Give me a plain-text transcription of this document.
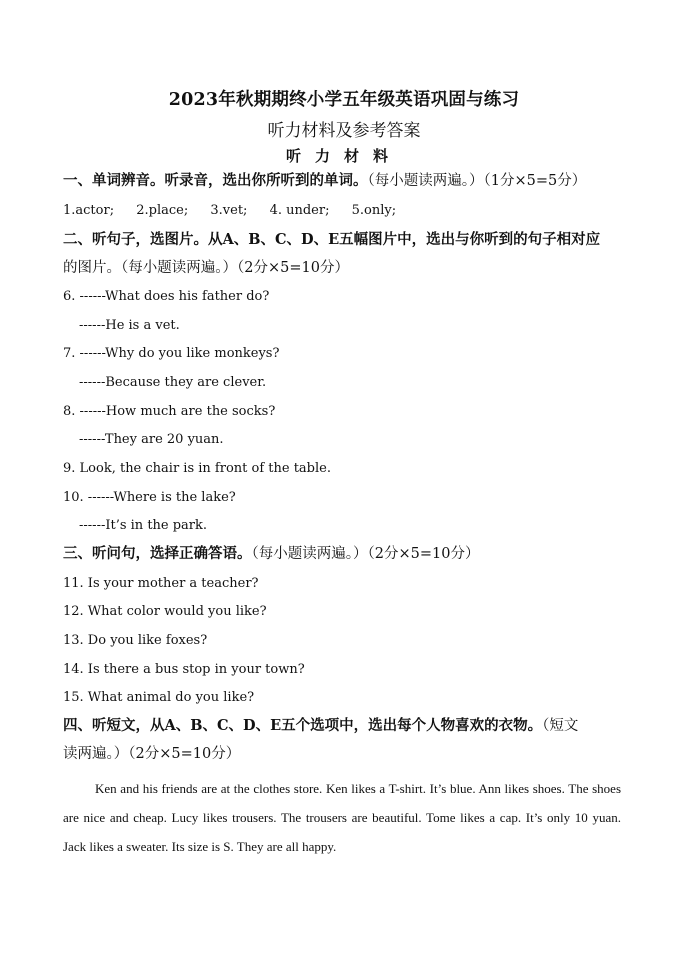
2023年秋期期终小学五年级英语巩固与练习
听力材料及参考答案
听力材料
一、单词辨音。听录音，选出你所听到的单词。（每小题读两遍。）（1分×5=5分）
1.actor; 2.place; 3.vet; 4. under; 5.only;
二、听句子，选图片。从A、B、C、D、E五幅图片中，选出与你听到的句子相对应
的图片。（每小题读两遍。）（2分×5=10分）
6. ------What does his father do?
------He is a vet.
7. ------Why do you like monkeys?
------Because they are clever.
8. ------How much are the socks?
------They are 20 yuan.
9. Look, the chair is in front of the table.
10. ------Where is the lake?
------It’s in the park.
三、听问句，选择正确答语。（每小题读两遍。）（2分×5=10分）
11. Is your mother a teacher?
12. What color would you like?
13. Do you like foxes?
14. Is there a bus stop in your town?
15. What animal do you like?
四、听短文，从A、B、C、D、E五个选项中，选出每个人物喜欢的衣物。（短文
读两遍。）（2分×5=10分）
Ken and his friends are at the clothes store. Ken likes a T-shirt. It’s blue. Ann likes shoes. The shoes are nice and cheap. Lucy likes trousers. The trousers are beautiful. Tome likes a cap. It’s only 10 yuan. Jack likes a sweater. Its size is S. They are all happy.
